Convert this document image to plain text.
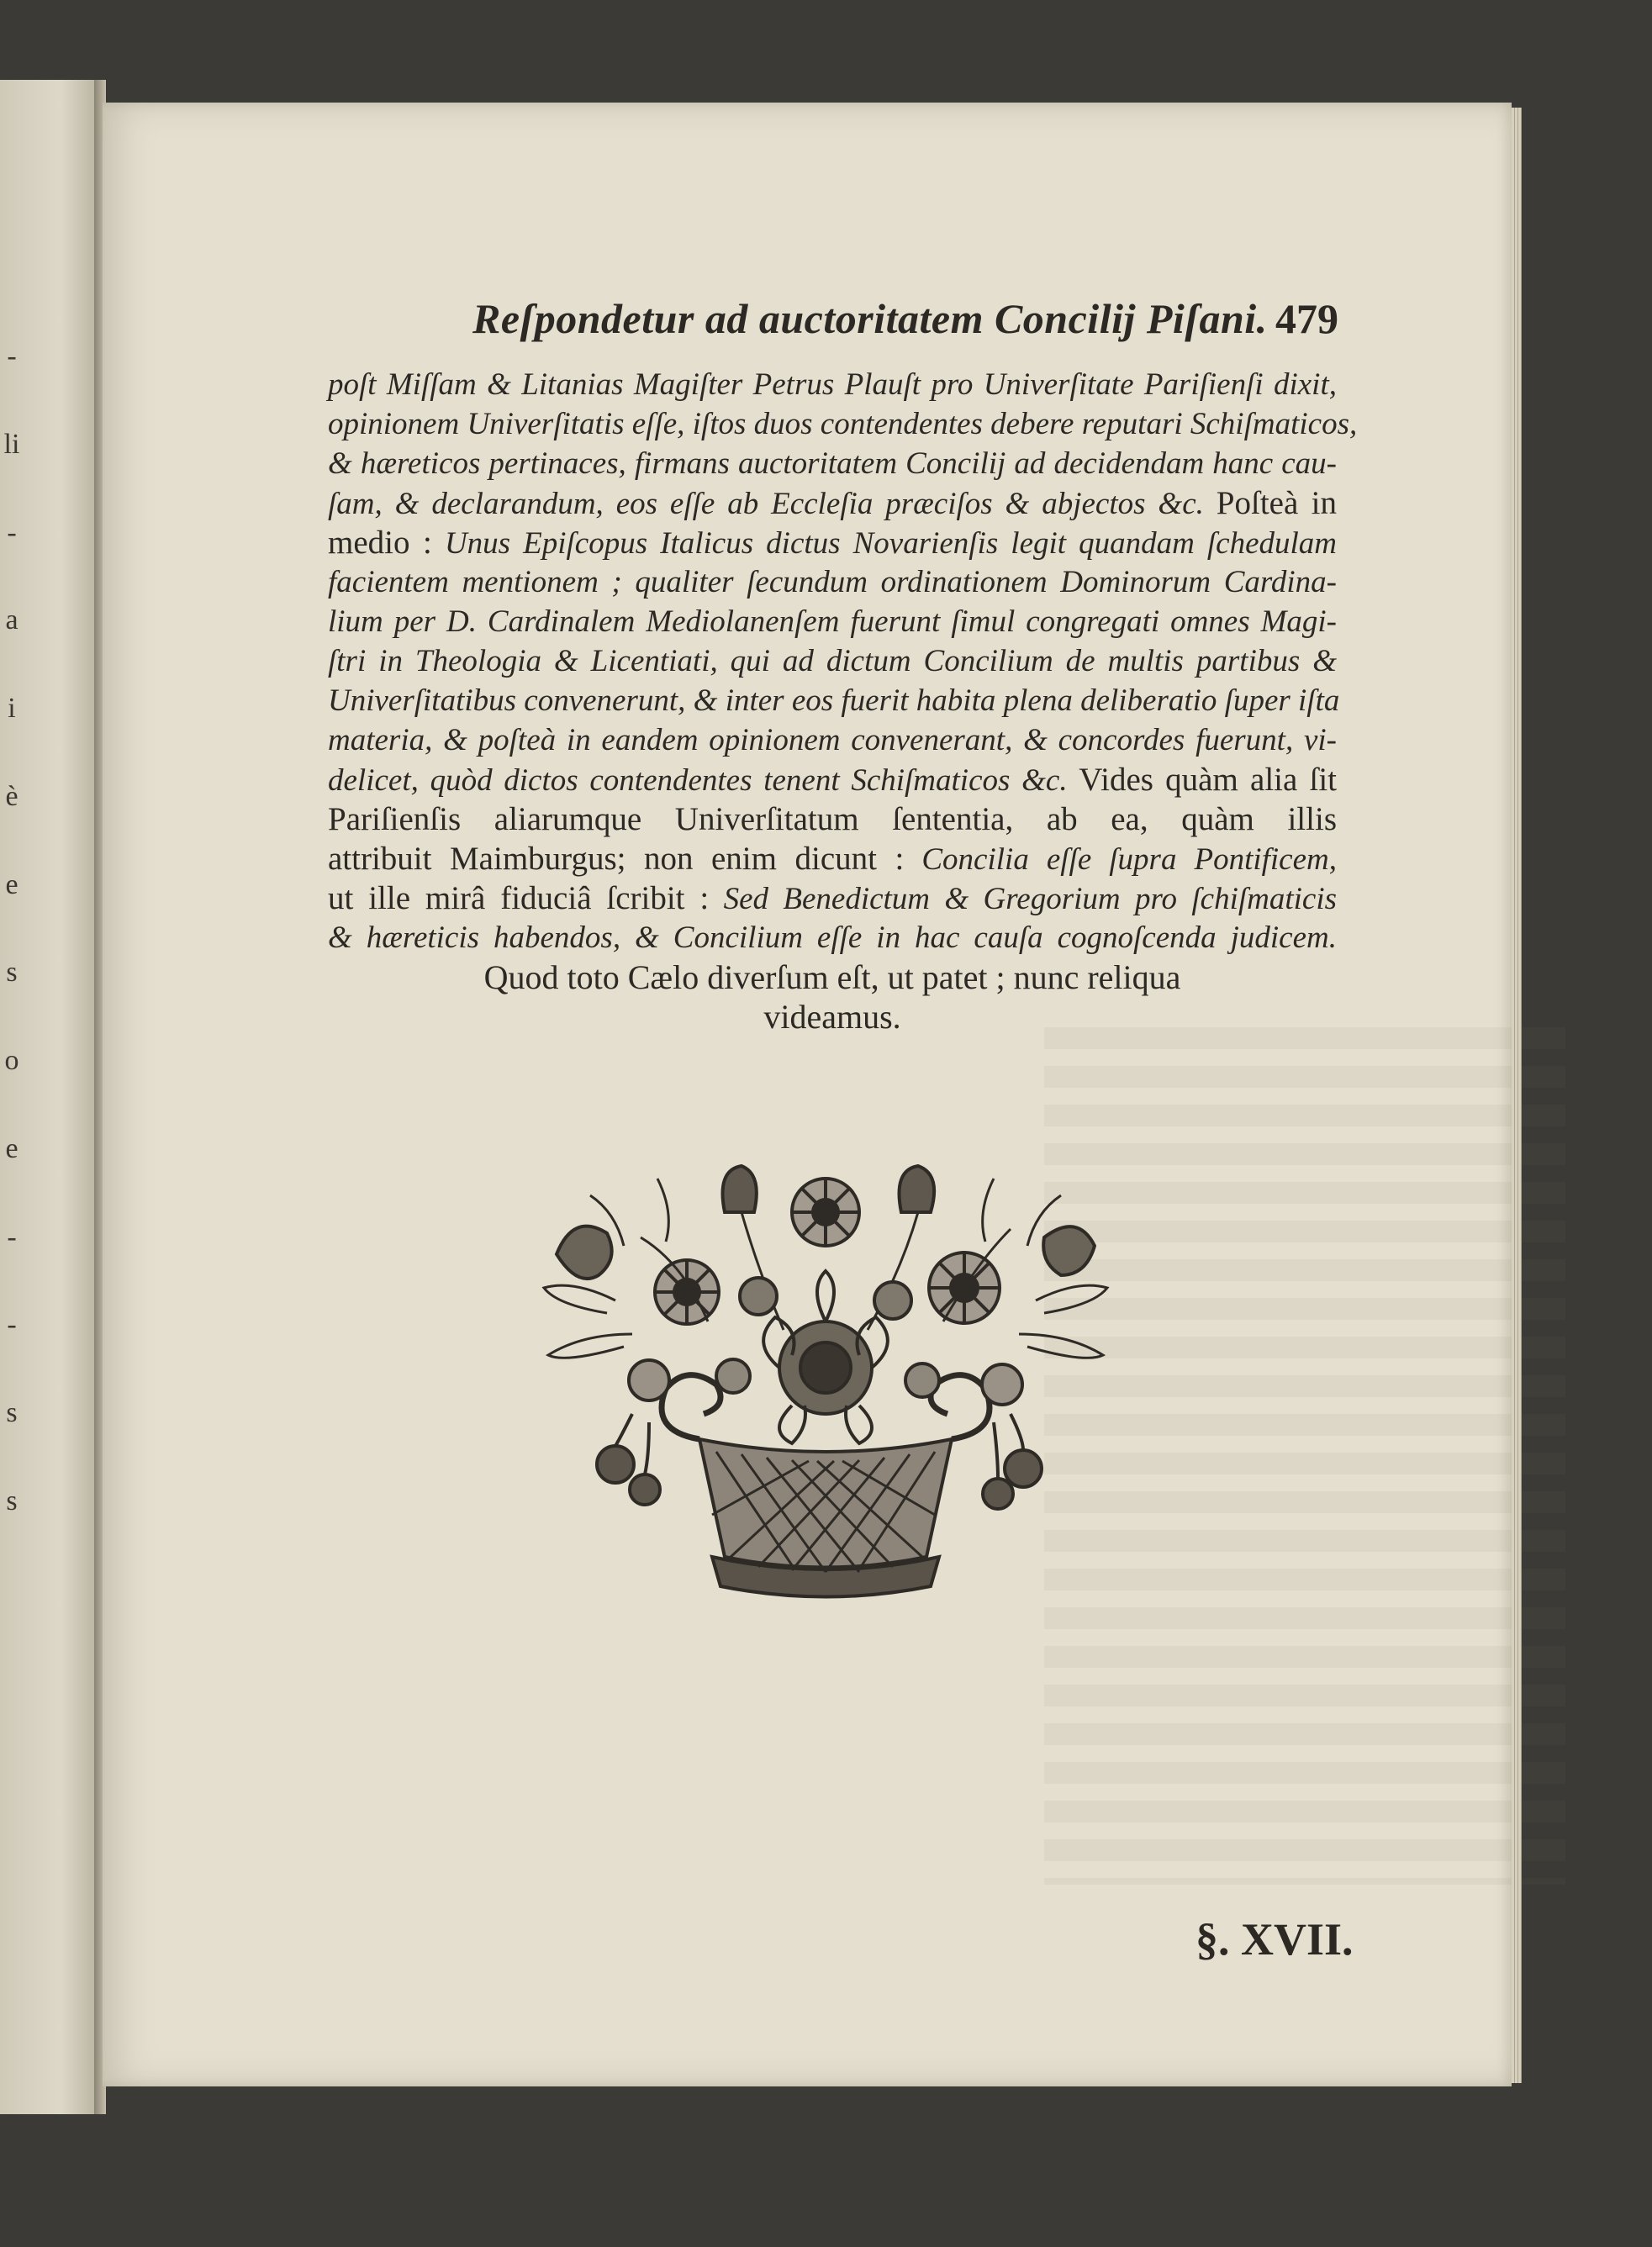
-
li
-
a
i
è
e
s
o
e
-
-
s
s
Reſpondetur ad auctoritatem Concilij Piſani. 479
poſt Miſſam & Litanias Magiſter Petrus Plauſt pro Univerſitate Pariſienſi dixit,
opinionem Univerſitatis eſſe, iſtos duos contendentes debere reputari Schiſmaticos,
& hæreticos pertinaces, firmans auctoritatem Concilij ad decidendam hanc cau-
ſam, & declarandum, eos eſſe ab Eccleſia præciſos & abjectos &c. Poſteà in
medio : Unus Epiſcopus Italicus dictus Novarienſis legit quandam ſchedulam
facientem mentionem ; qualiter ſecundum ordinationem Dominorum Cardina-
lium per D. Cardinalem Mediolanenſem fuerunt ſimul congregati omnes Magi-
ſtri in Theologia & Licentiati, qui ad dictum Concilium de multis partibus &
Univerſitatibus convenerunt, & inter eos fuerit habita plena deliberatio ſuper iſta
materia, & poſteà in eandem opinionem convenerant, & concordes fuerunt, vi-
delicet, quòd dictos contendentes tenent Schiſmaticos &c. Vides quàm alia ſit
Pariſienſis aliarumque Univerſitatum ſententia, ab ea, quàm illis
attribuit Maimburgus; non enim dicunt : Concilia eſſe ſupra Pontificem,
ut ille mirâ fiduciâ ſcribit : Sed Benedictum & Gregorium pro ſchiſmaticis
& hæreticis habendos, & Concilium eſſe in hac cauſa cognoſcenda judicem.
Quod toto Cælo diverſum eſt, ut patet ; nunc reliqua
videamus.
§. XVII.
